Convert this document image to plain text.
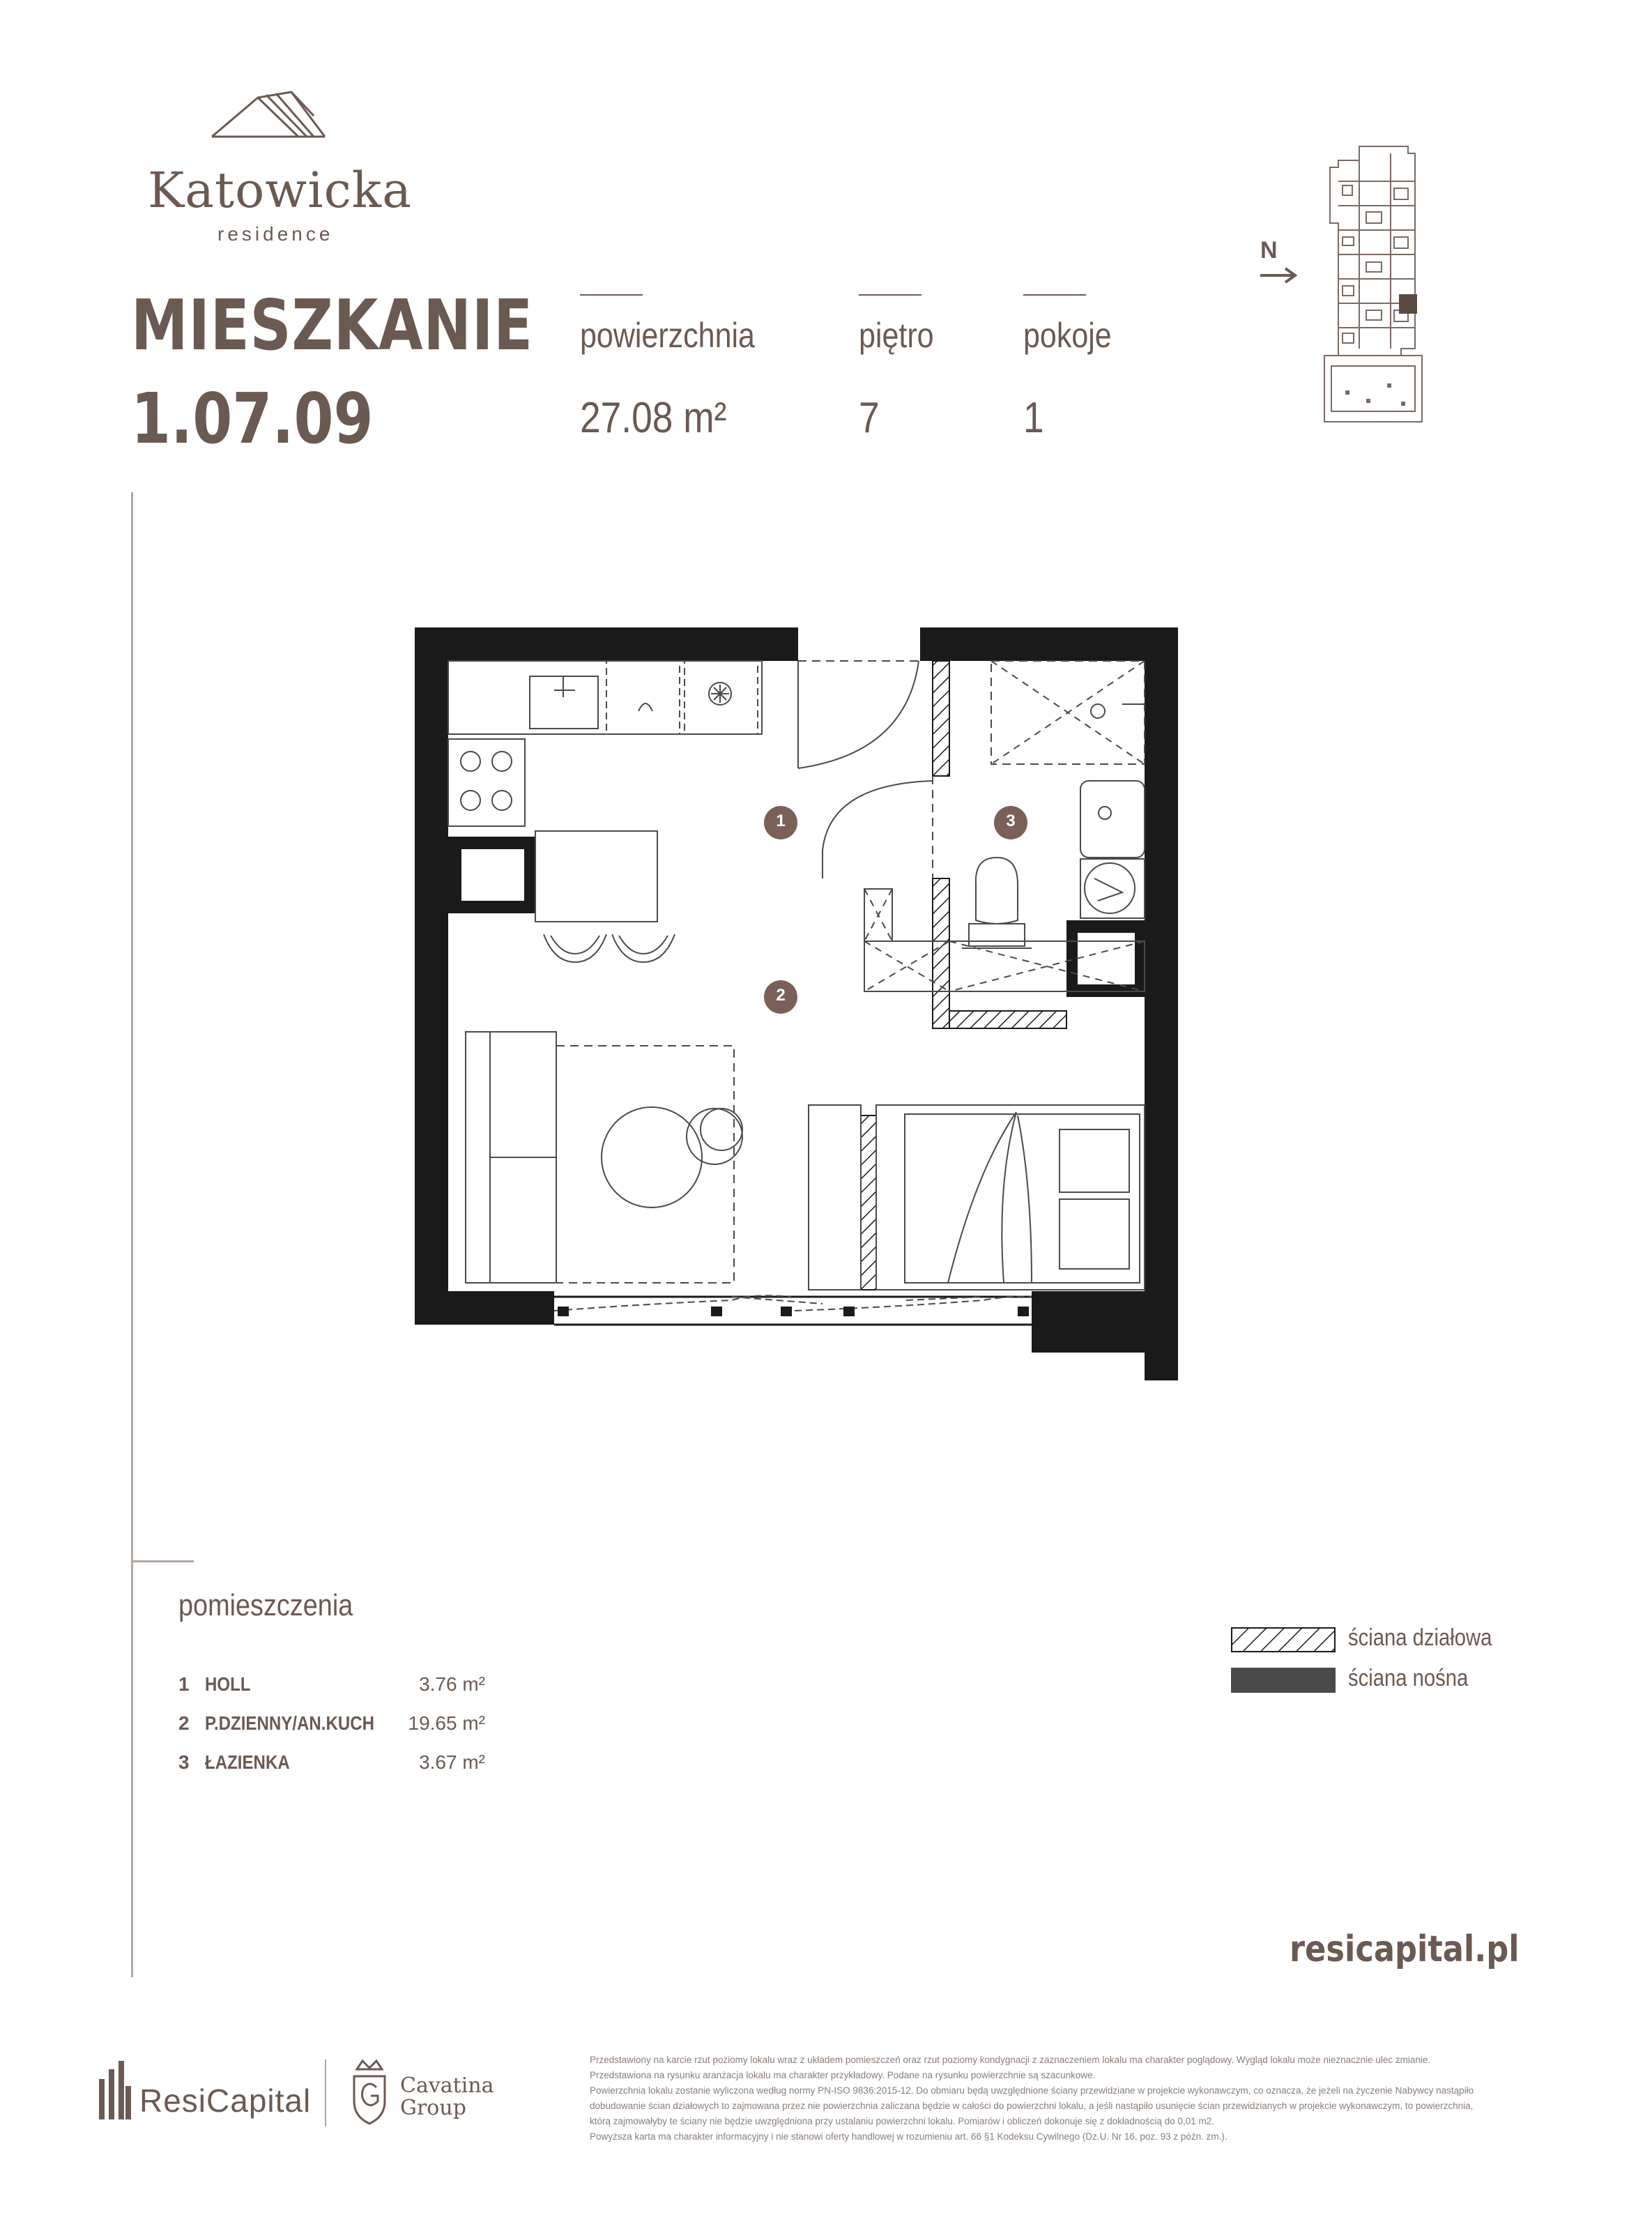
Katowicka
residence
MIESZKANIE
1.07.09
powierzchnia
27.08 m²
piętro
7
pokoje
1
N
1
2
3
pomieszczenia
1 HOLL	3.76 m²
2 P.DZIENNY/AN.KUCH 19.65 m²
3 ŁAZIENKA	3.67 m²
ściana działowa
ściana nośna
resicapital.pl
ResiCapital	Cavatina
Group

Przedstawiony na karcie rzut poziomy lokalu wraz z układem pomieszczeń oraz rzut poziomy kondygnacji z zaznaczeniem lokalu ma charakter poglądowy. Wygląd lokalu może nieznacznie ulec zmianie.

Przedstawiona na rysunku aranżacja lokalu ma charakter przykładowy. Podane na rysunku powierzchnie są szacunkowe.

Powierzchnia lokalu zostanie wyliczona według normy PN-ISO 9836:2015-12. Do obmiaru będą uwzględnione ściany przewidziane w projekcie wykonawczym, co oznacza, że jeżeli na życzenie Nabywcy nastąpiło dobudowanie ścian działowych to zajmowana przez nie powierzchnia zaliczana będzie w całości do powierzchni lokalu, a jeśli nastąpiło usunięcie ścian przewidzianych w projekcie wykonawczym, to powierzchnia, którą zajmowałyby te ściany nie będzie uwzględniona przy ustalaniu powierzchni lokalu. Pomiarów i obliczeń dokonuje się z dokładnością do 0,01 m2.

Powyższa karta ma charakter informacyjny i nie stanowi oferty handlowej w rozumieniu art. 66 §1 Kodeksu Cywilnego (Dz.U. Nr 16, poz. 93 z późn. zm.).
